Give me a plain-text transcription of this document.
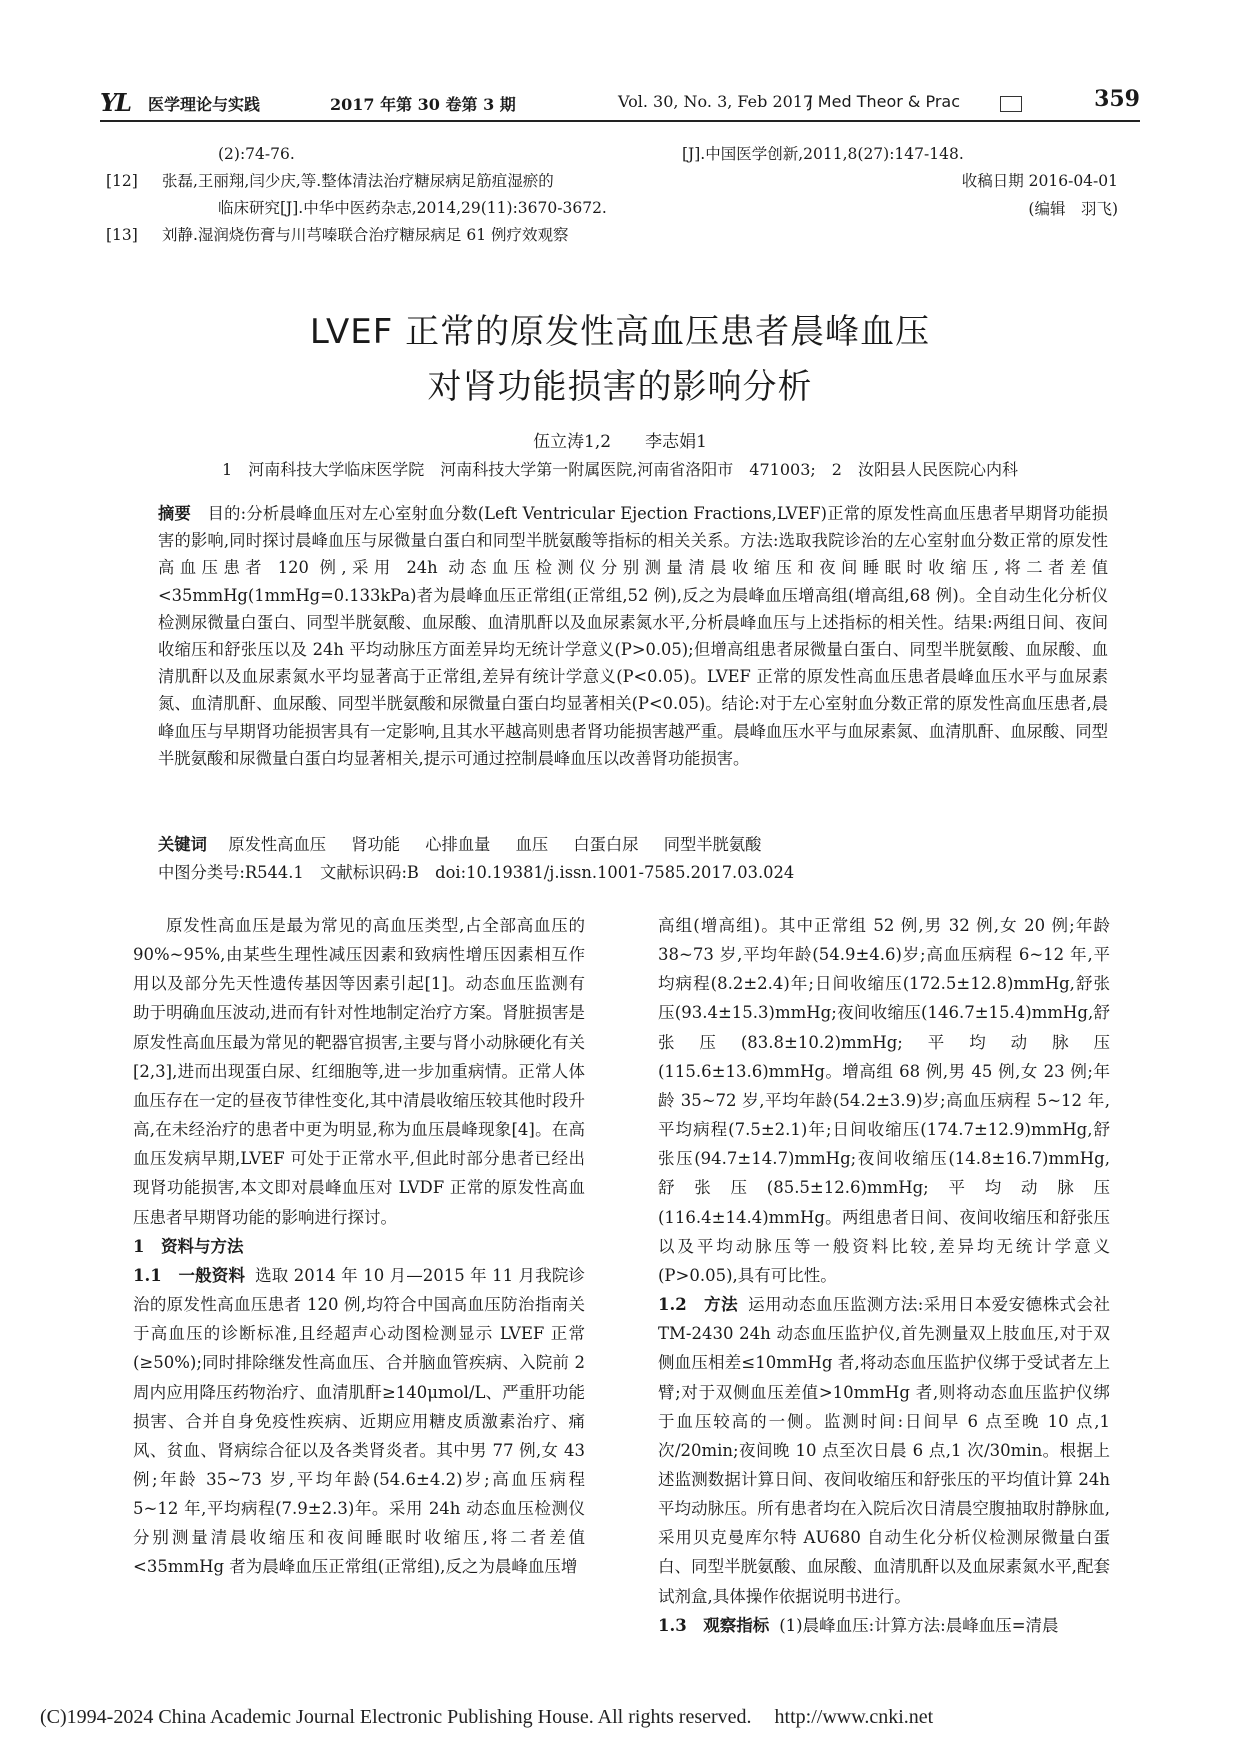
YL 医学理论与实践	2017 年第 30 卷第 3 期	Vol. 30, No. 3, Feb 2017
J Med Theor & Prac	359
(2):74-76.
[12]	张磊,王丽翔,闫少庆,等.整体清法治疗糖尿病足筋疽湿瘀的
临床研究[J].中华中医药杂志,2014,29(11):3670-3672.
[13]	刘静.湿润烧伤膏与川芎嗪联合治疗糖尿病足 61 例疗效观察
[J].中国医学创新,2011,8(27):147-148.
收稿日期 2016-04-01
(编辑　羽飞)
LVEF 正常的原发性高血压患者晨峰血压
对肾功能损害的影响分析
伍立涛1,2　　李志娟1
1　河南科技大学临床医学院　河南科技大学第一附属医院,河南省洛阳市　471003;　2　汝阳县人民医院心内科
摘要　目的:分析晨峰血压对左心室射血分数(Left Ventricular Ejection Fractions,LVEF)正常的原发性高血压患者早期肾功能损害的影响,同时探讨晨峰血压与尿微量白蛋白和同型半胱氨酸等指标的相关关系。方法:选取我院诊治的左心室射血分数正常的原发性高血压患者 120 例,采用 24h 动态血压检测仪分别测量清晨收缩压和夜间睡眠时收缩压,将二者差值<35mmHg(1mmHg=0.133kPa)者为晨峰血压正常组(正常组,52 例),反之为晨峰血压增高组(增高组,68 例)。全自动生化分析仪检测尿微量白蛋白、同型半胱氨酸、血尿酸、血清肌酐以及血尿素氮水平,分析晨峰血压与上述指标的相关性。结果:两组日间、夜间收缩压和舒张压以及 24h 平均动脉压方面差异均无统计学意义(P>0.05);但增高组患者尿微量白蛋白、同型半胱氨酸、血尿酸、血清肌酐以及血尿素氮水平均显著高于正常组,差异有统计学意义(P<0.05)。LVEF 正常的原发性高血压患者晨峰血压水平与血尿素氮、血清肌酐、血尿酸、同型半胱氨酸和尿微量白蛋白均显著相关(P<0.05)。结论:对于左心室射血分数正常的原发性高血压患者,晨峰血压与早期肾功能损害具有一定影响,且其水平越高则患者肾功能损害越严重。晨峰血压水平与血尿素氮、血清肌酐、血尿酸、同型半胱氨酸和尿微量白蛋白均显著相关,提示可通过控制晨峰血压以改善肾功能损害。
关键词　 原发性高血压 肾功能 心排血量 血压 白蛋白尿 同型半胱氨酸
中图分类号:R544.1　文献标识码:B　doi:10.19381/j.issn.1001-7585.2017.03.024

原发性高血压是最为常见的高血压类型,占全部高血压的 90%~95%,由某些生理性减压因素和致病性增压因素相互作用以及部分先天性遗传基因等因素引起[1]。动态血压监测有助于明确血压波动,进而有针对性地制定治疗方案。肾脏损害是原发性高血压最为常见的靶器官损害,主要与肾小动脉硬化有关[2,3],进而出现蛋白尿、红细胞等,进一步加重病情。正常人体血压存在一定的昼夜节律性变化,其中清晨收缩压较其他时段升高,在未经治疗的患者中更为明显,称为血压晨峰现象[4]。在高血压发病早期,LVEF 可处于正常水平,但此时部分患者已经出现肾功能损害,本文即对晨峰血压对 LVDF 正常的原发性高血压患者早期肾功能的影响进行探讨。

1　资料与方法

1.1　一般资料 选取 2014 年 10 月—2015 年 11 月我院诊治的原发性高血压患者 120 例,均符合中国高血压防治指南关于高血压的诊断标准,且经超声心动图检测显示 LVEF 正常(≥50%);同时排除继发性高血压、合并脑血管疾病、入院前 2 周内应用降压药物治疗、血清肌酐≥140μmol/L、严重肝功能损害、合并自身免疫性疾病、近期应用糖皮质激素治疗、痛风、贫血、肾病综合征以及各类肾炎者。其中男 77 例,女 43 例;年龄 35~73 岁,平均年龄(54.6±4.2)岁;高血压病程 5~12 年,平均病程(7.9±2.3)年。采用 24h 动态血压检测仪分别测量清晨收缩压和夜间睡眠时收缩压,将二者差值<35mmHg 者为晨峰血压正常组(正常组),反之为晨峰血压增

高组(增高组)。其中正常组 52 例,男 32 例,女 20 例;年龄 38~73 岁,平均年龄(54.9±4.6)岁;高血压病程 6~12 年,平均病程(8.2±2.4)年;日间收缩压(172.5±12.8)mmHg,舒张压(93.4±15.3)mmHg;夜间收缩压(146.7±15.4)mmHg,舒张压(83.8±10.2)mmHg;平均动脉压(115.6±13.6)mmHg。增高组 68 例,男 45 例,女 23 例;年龄 35~72 岁,平均年龄(54.2±3.9)岁;高血压病程 5~12 年,平均病程(7.5±2.1)年;日间收缩压(174.7±12.9)mmHg,舒张压(94.7±14.7)mmHg;夜间收缩压(14.8±16.7)mmHg,舒张压(85.5±12.6)mmHg;平均动脉压(116.4±14.4)mmHg。两组患者日间、夜间收缩压和舒张压以及平均动脉压等一般资料比较,差异均无统计学意义(P>0.05),具有可比性。

1.2　方法 运用动态血压监测方法:采用日本爱安德株式会社 TM-2430 24h 动态血压监护仪,首先测量双上肢血压,对于双侧血压相差≤10mmHg 者,将动态血压监护仪绑于受试者左上臂;对于双侧血压差值>10mmHg 者,则将动态血压监护仪绑于血压较高的一侧。监测时间:日间早 6 点至晚 10 点,1 次/20min;夜间晚 10 点至次日晨 6 点,1 次/30min。根据上述监测数据计算日间、夜间收缩压和舒张压的平均值计算 24h 平均动脉压。所有患者均在入院后次日清晨空腹抽取肘静脉血,采用贝克曼库尔特 AU680 自动生化分析仪检测尿微量白蛋白、同型半胱氨酸、血尿酸、血清肌酐以及血尿素氮水平,配套试剂盒,具体操作依据说明书进行。

1.3　观察指标 (1)晨峰血压:计算方法:晨峰血压=清晨

(C)1994-2024 China Academic Journal Electronic Publishing House. All rights reserved. http://www.cnki.net
